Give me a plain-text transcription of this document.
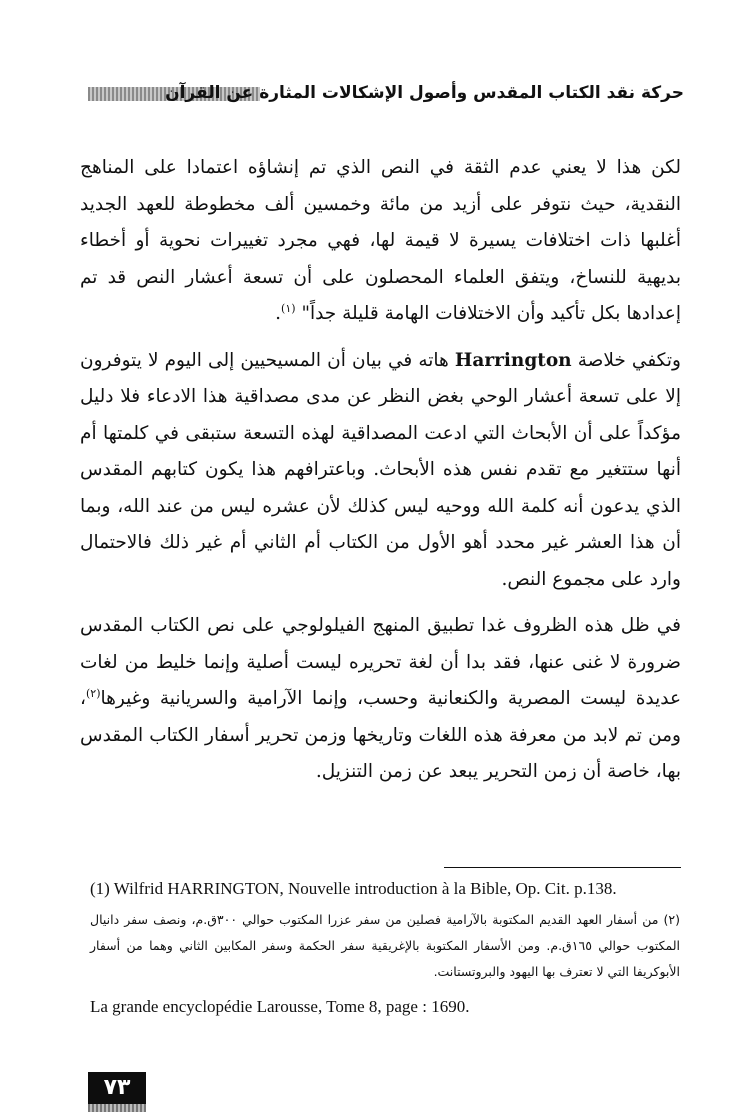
حركة نقد الكتاب المقدس وأصول الإشكالات المثارة عن القرآن

لكن هذا لا يعني عدم الثقة في النص الذي تم إنشاؤه اعتمادا على المناهج النقدية، حيث نتوفر على أزيد من مائة وخمسين ألف مخطوطة للعهد الجديد أغلبها ذات اختلافات يسيرة لا قيمة لها، فهي مجرد تغييرات نحوية أو أخطاء بديهية للنساخ، ويتفق العلماء المحصلون على أن تسعة أعشار النص قد تم إعدادها بكل تأكيد وأن الاختلافات الهامة قليلة جداً" $^{(١)}$.

وتكفي خلاصة Harrington هاته في بيان أن المسيحيين إلى اليوم لا يتوفرون إلا على تسعة أعشار الوحي بغض النظر عن مدى مصداقية هذا الادعاء فلا دليل مؤكداً على أن الأبحاث التي ادعت المصداقية لهذه التسعة ستبقى في كلمتها أم أنها ستتغير مع تقدم نفس هذه الأبحاث. وباعترافهم هذا يكون كتابهم المقدس الذي يدعون أنه كلمة الله ووحيه ليس كذلك لأن عشره ليس من عند الله، وبما أن هذا العشر غير محدد أهو الأول من الكتاب أم الثاني أم غير ذلك فالاحتمال وارد على مجموع النص.

في ظل هذه الظروف غدا تطبيق المنهج الفيلولوجي على نص الكتاب المقدس ضرورة لا غنى عنها، فقد بدا أن لغة تحريره ليست أصلية وإنما خليط من لغات عديدة ليست المصرية والكنعانية وحسب، وإنما الآرامية والسريانية وغيرها$^{(٢)}$، ومن تم لابد من معرفة هذه اللغات وتاريخها وزمن تحرير أسفار الكتاب المقدس بها، خاصة أن زمن التحرير يبعد عن زمن التنزيل.

(1) Wilfrid HARRINGTON, Nouvelle introduction à la Bible, Op. Cit. p.138.
(٢) من أسفار العهد القديم المكتوبة بالآرامية فصلين من سفر عزرا المكتوب حوالي ٣٠٠ق.م، ونصف سفر دانيال المكتوب حوالي ١٦٥ق.م. ومن الأسفار المكتوبة بالإغريقية سفر الحكمة وسفر المكابين الثاني وهما من أسفار الأبوكريفا التي لا تعترف بها اليهود والبروتستانت.
La grande encyclopédie Larousse, Tome 8, page : 1690.
٧٣
